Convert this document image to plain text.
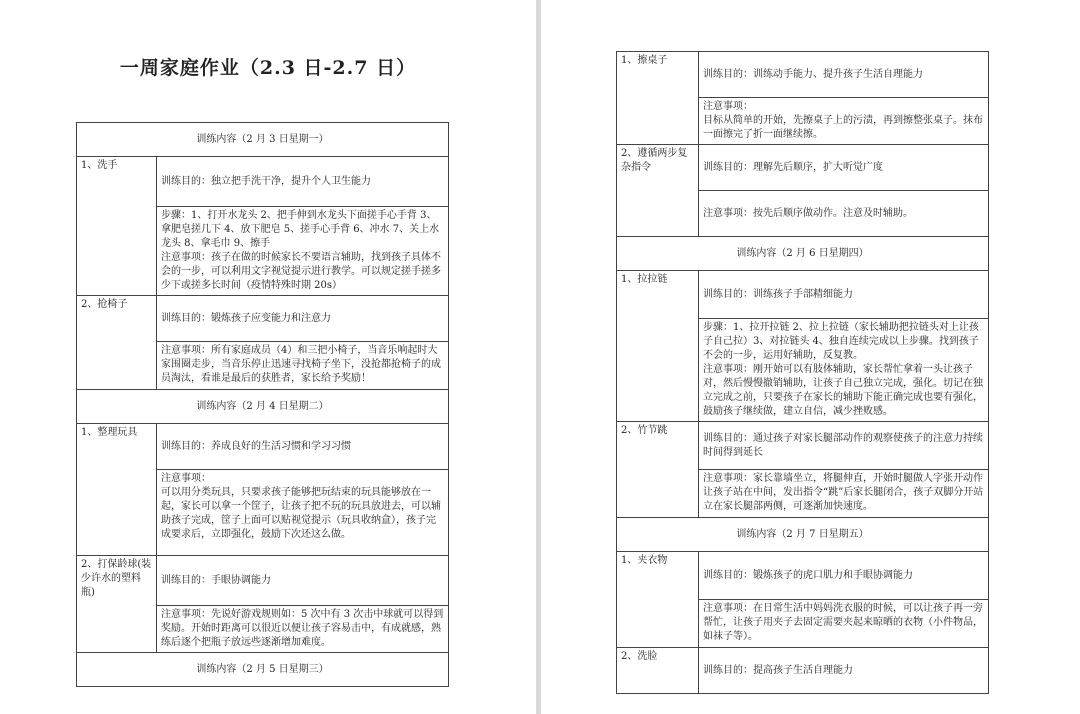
一周家庭作业（2.3 日-2.7 日）
训练内容（2 月 3 日星期一）	
1、洗手	训练目的：独立把手洗干净，提升个人卫生能力

	步骤：1、打开水龙头 2、把手伸到水龙头下面搓手心手背 3、拿肥皂搓几下 4、放下肥皂 5、搓手心手背 6、冲水 7、关上水龙头 8、拿毛巾 9、擦手
注意事项：孩子在做的时候家长不要语言辅助，找到孩子具体不会的一步，可以利用文字视觉提示进行教学。可以规定搓手搓多少下或搓多长时间（疫情特殊时期 20s）

2、抢椅子	训练目的：锻炼孩子应变能力和注意力
	注意事项：所有家庭成员（4）和三把小椅子，当音乐响起时大家围圈走步，当音乐停止迅速寻找椅子坐下，没抢都抢椅子的成员淘汰，看谁是最后的获胜者，家长给予奖励！
训练内容（2 月 4 日星期二）	
1、整理玩具	训练目的：养成良好的生活习惯和学习习惯

	注意事项：
可以用分类玩具，只要求孩子能够把玩结束的玩具能够放在一起，家长可以拿一个筐子，让孩子把不玩的玩具放进去，可以辅助孩子完成，筐子上面可以贴视觉提示（玩具收纳盒），孩子完成要求后，立即强化，鼓励下次还这么做。

2、打保龄球(装少许水的塑料瓶)	训练目的：手眼协调能力
	注意事项：先说好游戏规则如：5 次中有 3 次击中球就可以得到奖励。开始时距离可以很近以便让孩子容易击中，有成就感，熟练后逐个把瓶子放远些逐渐增加难度。
训练内容（2 月 5 日星期三）	
1、擦桌子	训练目的：训练动手能力、提升孩子生活自理能力

	注意事项：
目标从简单的开始，先擦桌子上的污渍，再到擦整张桌子。抹布一面擦完了折一面继续擦。

2、遵循两步复杂指令	训练目的：理解先后顺序，扩大听觉广度
	注意事项：按先后顺序做动作。注意及时辅助。
训练内容（2 月 6 日星期四）	
1、拉拉链	训练目的：训练孩子手部精细能力

	步骤：1、拉开拉链 2、拉上拉链（家长辅助把拉链头对上让孩子自己拉）3、对拉链头 4、独自连续完成以上步骤。找到孩子不会的一步，运用好辅助，反复教。
注意事项：刚开始可以有肢体辅助，家长帮忙拿着一头让孩子对，然后慢慢撤销辅助，让孩子自己独立完成，强化。切记在独立完成之前，只要孩子在家长的辅助下能正确完成也要有强化，鼓励孩子继续做，建立自信，减少挫败感。

2、竹节跳	训练目的：通过孩子对家长腿部动作的观察使孩子的注意力持续时间得到延长
	注意事项：家长靠墙坐立，将腿伸直，开始时腿做人字张开动作让孩子站在中间，发出指令“跳”后家长腿闭合，孩子双脚分开站立在家长腿部两侧，可逐渐加快速度。
训练内容（2 月 7 日星期五）	
1、夹衣物	训练目的：锻炼孩子的虎口肌力和手眼协调能力
	注意事项：在日常生活中妈妈洗衣服的时候，可以让孩子再一旁帮忙，让孩子用夹子去固定需要夹起来晾晒的衣物（小件物品，如袜子等）。
2、洗脸	训练目的：提高孩子生活自理能力
